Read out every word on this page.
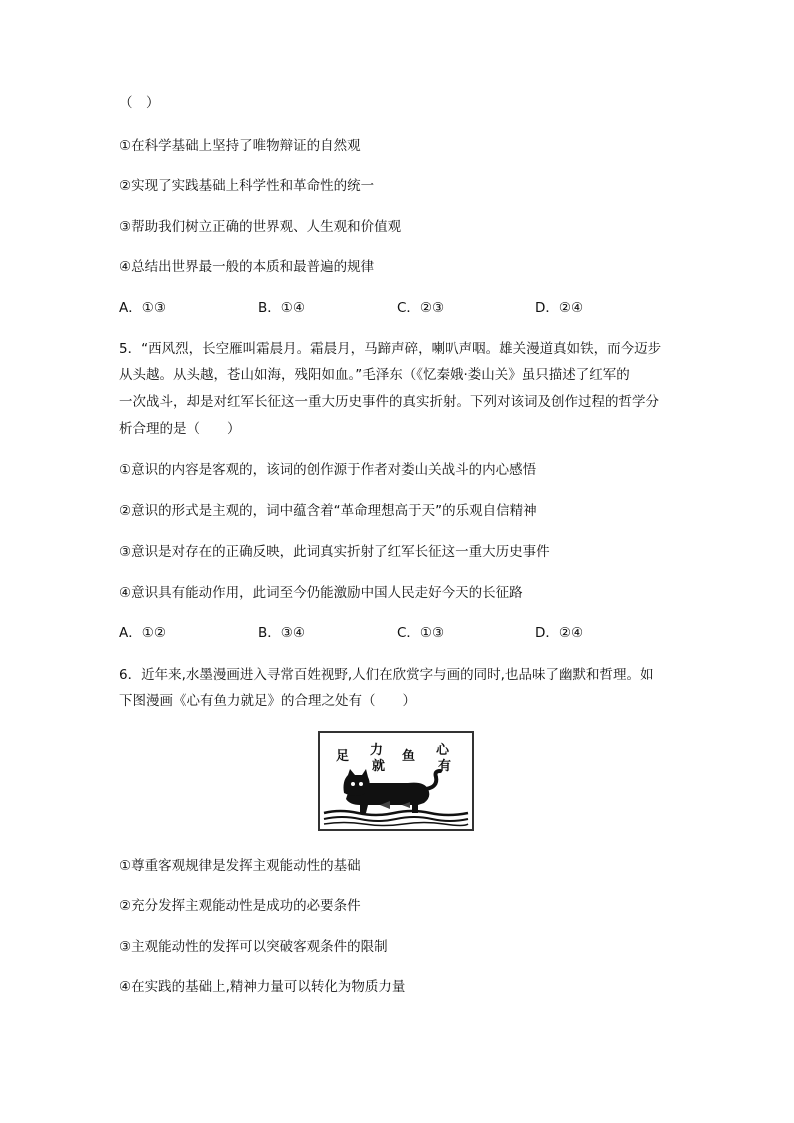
（　）
①在科学基础上坚持了唯物辩证的自然观
②实现了实践基础上科学性和革命性的统一
③帮助我们树立正确的世界观、人生观和价值观
④总结出世界最一般的本质和最普遍的规律
A．①③	B．①④	C．②③	D．②④
5．“西风烈，长空雁叫霜晨月。霜晨月，马蹄声碎，喇叭声咽。雄关漫道真如铁，而今迈步
从头越。从头越，苍山如海，残阳如血。”毛泽东（《忆秦娥·娄山关》虽只描述了红军的
一次战斗，却是对红军长征这一重大历史事件的真实折射。下列对该词及创作过程的哲学分
析合理的是（　　）
①意识的内容是客观的，该词的创作源于作者对娄山关战斗的内心感悟
②意识的形式是主观的，词中蕴含着“革命理想高于天”的乐观自信精神
③意识是对存在的正确反映，此词真实折射了红军长征这一重大历史事件
④意识具有能动作用，此词至今仍能激励中国人民走好今天的长征路
A．①②	B．③④	C．①③	D．②④
6．近年来,水墨漫画进入寻常百姓视野,人们在欣赏字与画的同时,也品味了幽默和哲理。如
下图漫画《心有鱼力就足》的合理之处有（　　）
足 力
就
鱼 心
有
①尊重客观规律是发挥主观能动性的基础
②充分发挥主观能动性是成功的必要条件
③主观能动性的发挥可以突破客观条件的限制
④在实践的基础上,精神力量可以转化为物质力量
